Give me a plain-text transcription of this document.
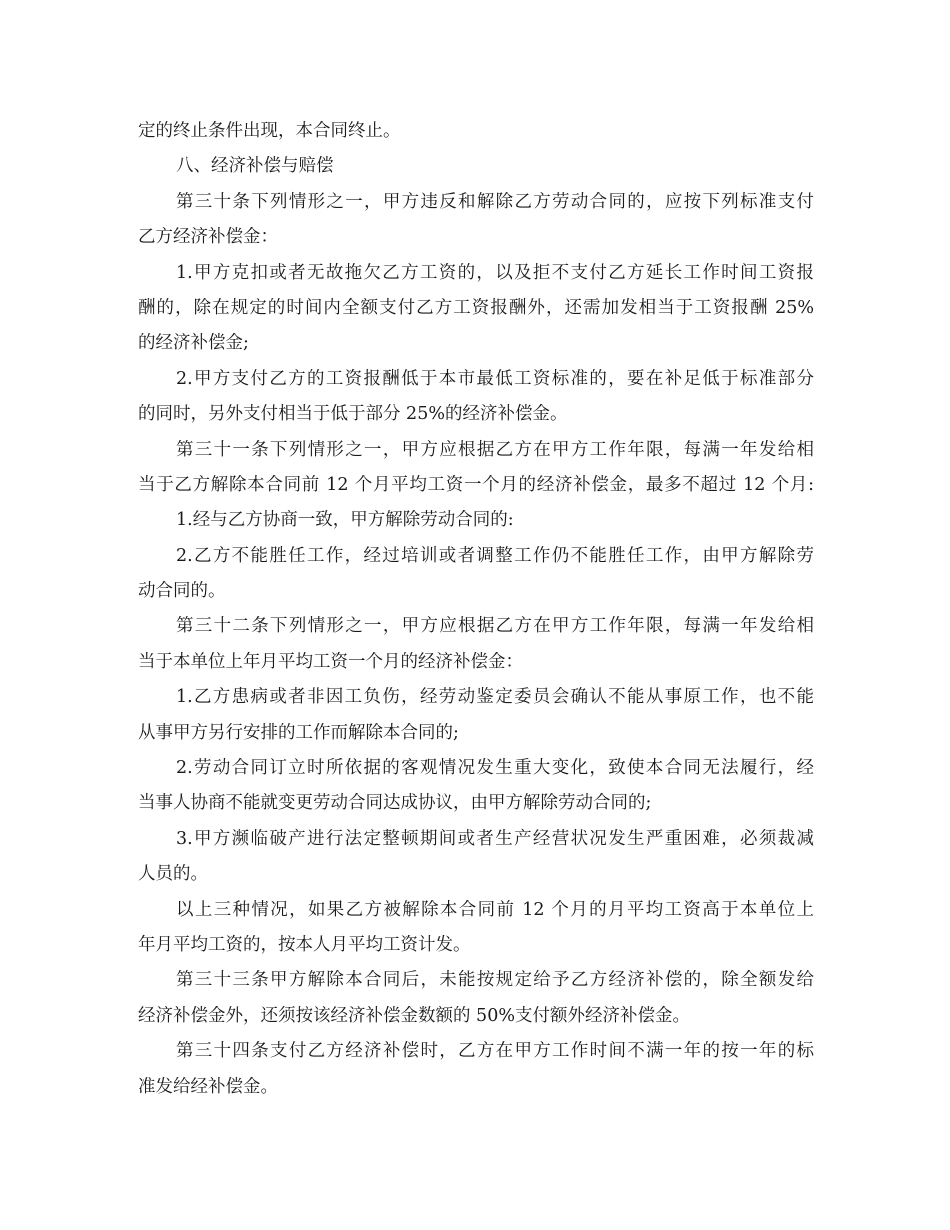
定的终止条件出现，本合同终止。
八、经济补偿与赔偿
第三十条下列情形之一，甲方违反和解除乙方劳动合同的，应按下列标准支付
乙方经济补偿金：
1.甲方克扣或者无故拖欠乙方工资的，以及拒不支付乙方延长工作时间工资报
酬的，除在规定的时间内全额支付乙方工资报酬外，还需加发相当于工资报酬 25%
的经济补偿金;
2.甲方支付乙方的工资报酬低于本市最低工资标准的，要在补足低于标准部分
的同时，另外支付相当于低于部分 25%的经济补偿金。
第三十一条下列情形之一，甲方应根据乙方在甲方工作年限，每满一年发给相
当于乙方解除本合同前 12 个月平均工资一个月的经济补偿金，最多不超过 12 个月:
1.经与乙方协商一致，甲方解除劳动合同的:
2.乙方不能胜任工作，经过培训或者调整工作仍不能胜任工作，由甲方解除劳
动合同的。
第三十二条下列情形之一，甲方应根据乙方在甲方工作年限，每满一年发给相
当于本单位上年月平均工资一个月的经济补偿金：
1.乙方患病或者非因工负伤，经劳动鉴定委员会确认不能从事原工作，也不能
从事甲方另行安排的工作而解除本合同的;
2.劳动合同订立时所依据的客观情况发生重大变化，致使本合同无法履行，经
当事人协商不能就变更劳动合同达成协议，由甲方解除劳动合同的;
3.甲方濒临破产进行法定整顿期间或者生产经营状况发生严重困难，必须裁减
人员的。
以上三种情况，如果乙方被解除本合同前 12 个月的月平均工资高于本单位上
年月平均工资的，按本人月平均工资计发。
第三十三条甲方解除本合同后，未能按规定给予乙方经济补偿的，除全额发给
经济补偿金外，还须按该经济补偿金数额的 50%支付额外经济补偿金。
第三十四条支付乙方经济补偿时，乙方在甲方工作时间不满一年的按一年的标
准发给经补偿金。
